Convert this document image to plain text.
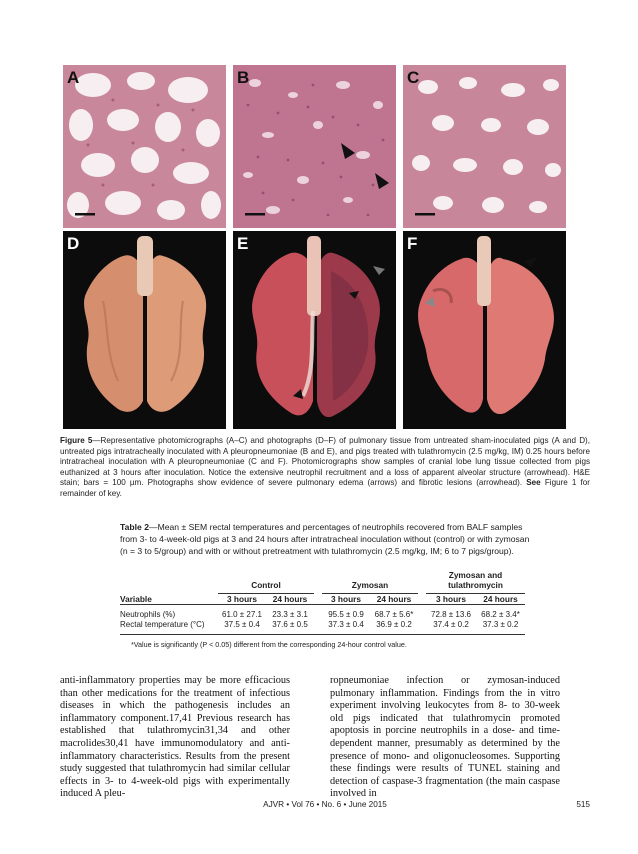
A	B	C
D	E	F

Figure 5—Representative photomicrographs (A–C) and photographs (D–F) of pulmonary tissue from untreated sham-inoculated pigs (A and D), untreated pigs intratracheally inoculated with A pleuropneumoniae (B and E), and pigs treated with tulathromycin (2.5 mg/kg, IM) 0.25 hours before intratracheal inoculation with A pleuropneumoniae (C and F). Photomicrographs show samples of cranial lobe lung tissue collected from pigs euthanized at 3 hours after inoculation. Notice the extensive neutrophil recruitment and a loss of apparent alveolar structure (arrowhead). H&E stain; bars = 100 µm. Photographs show evidence of severe pulmonary edema (arrows) and fibrotic lesions (arrowhead). See Figure 1 for remainder of key.

Table 2—Mean ± SEM rectal temperatures and percentages of neutrophils recovered from BALF samples from 3- to 4-week-old pigs at 3 and 24 hours after intratracheal inoculation without (control) or with zymosan (n = 3 to 5/group) and with or without pretreatment with tulathromycin (2.5 mg/kg, IM; 6 to 7 pigs/group).

	Control			Zymosan			Zymosan and tulathromycin	
Variable	3 hours	24 hours		3 hours	24 hours		3 hours	24 hours
Neutrophils (%)	61.0 ± 27.1	23.3 ± 3.1		95.5 ± 0.9	68.7 ± 5.6*		72.8 ± 13.6	68.2 ± 3.4*
Rectal temperature (°C)	37.5 ± 0.4	37.6 ± 0.5		37.3 ± 0.4	36.9 ± 0.2		37.4 ± 0.2	37.3 ± 0.2

*Value is significantly (P < 0.05) different from the corresponding 24-hour control value.

anti-inflammatory properties may be more efficacious than other medications for the treatment of infectious diseases in which the pathogenesis includes an inflammatory component.17,41 Previous research has established that tulathromycin31,34 and other macrolides30,41 have immunomodulatory and anti-inflammatory characteristics. Results from the present study suggested that tulathromycin had similar cellular effects in 3- to 4-week-old pigs with experimentally induced A pleu-

ropneumoniae infection or zymosan-induced pulmonary inflammation. Findings from the in vitro experiment involving leukocytes from 8- to 30-week old pigs indicated that tulathromycin promoted apoptosis in porcine neutrophils in a dose- and time-dependent manner, presumably as determined by the presence of mono- and oligonucleosomes. Supporting these findings were results of TUNEL staining and detection of caspase-3 fragmentation (the main caspase involved in

AJVR • Vol 76 • No. 6 • June 2015	515
